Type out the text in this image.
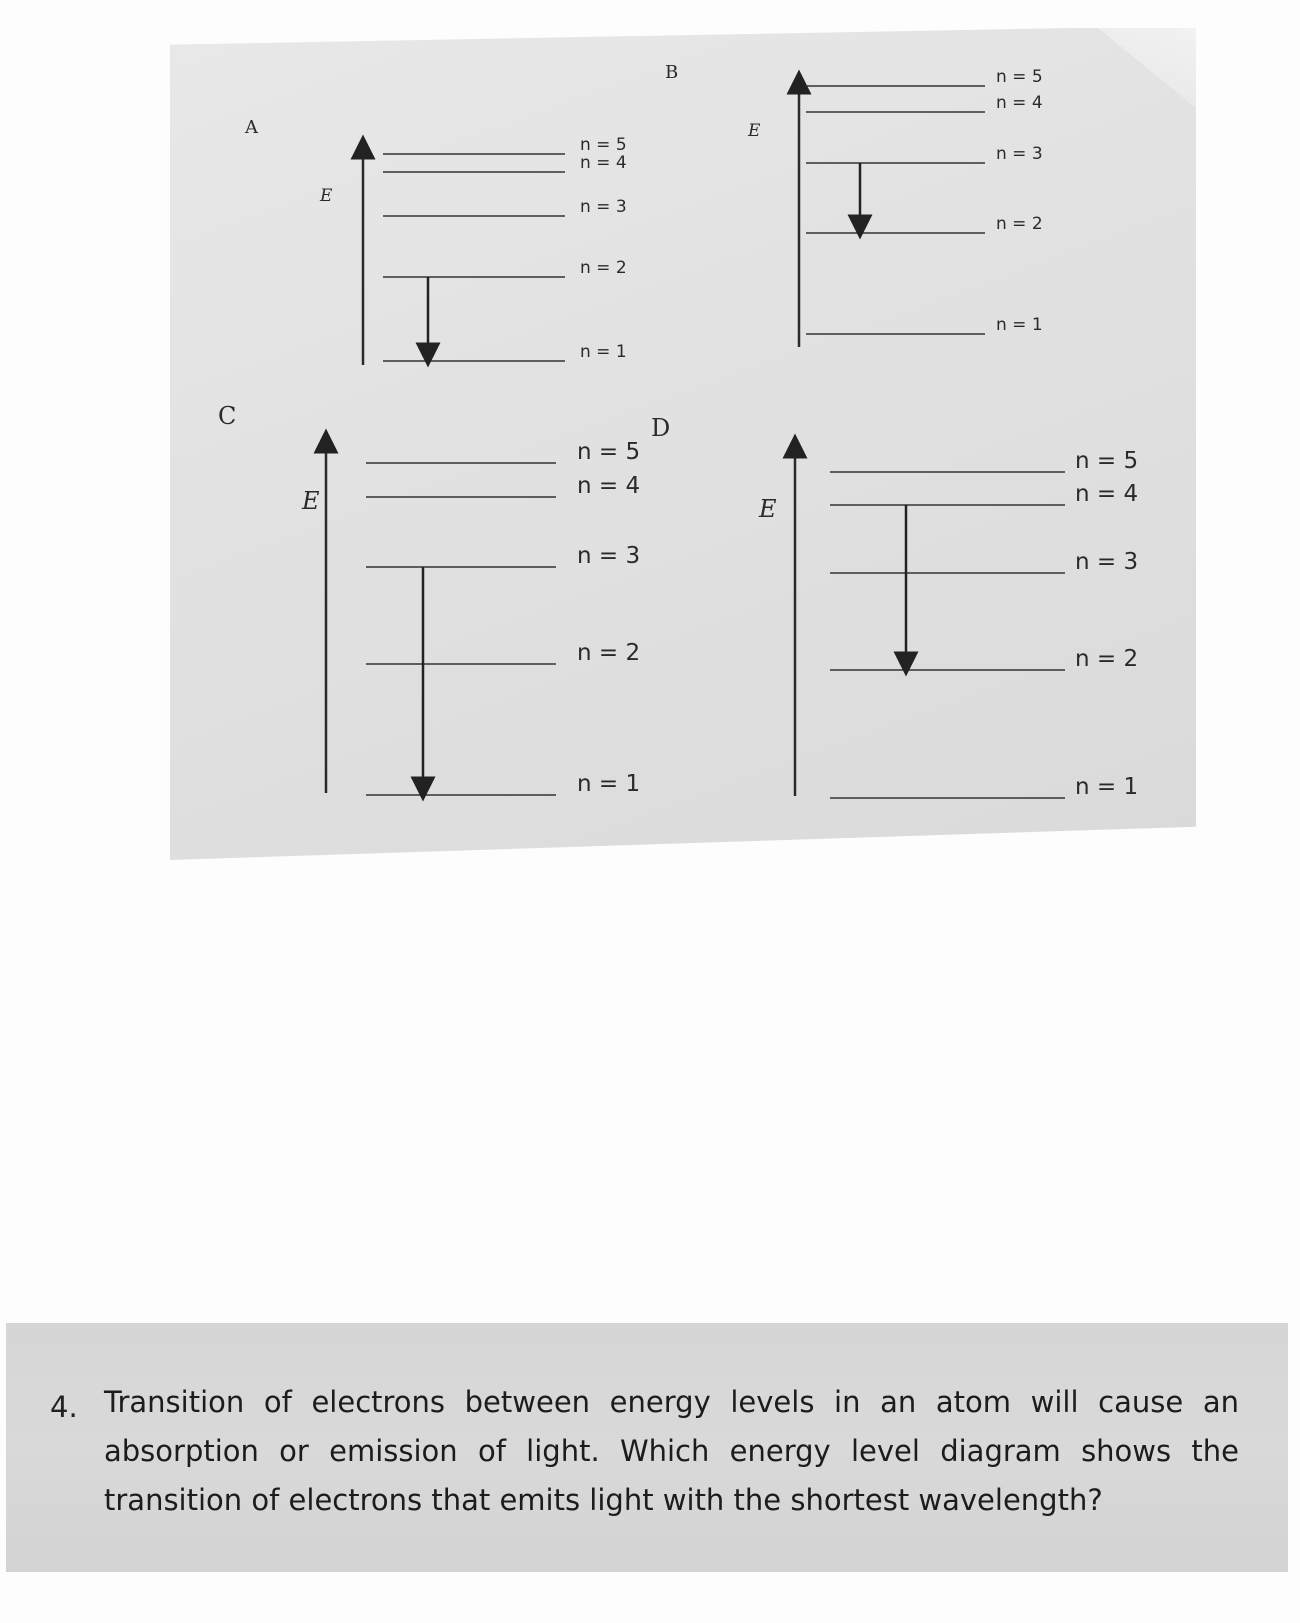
A
E
n = 5
n = 4
n = 3
n = 2
n = 1
B
E
n = 5
n = 4
n = 3
n = 2
n = 1
C
E
n = 5
n = 4
n = 3
n = 2
n = 1
D
E
n = 5
n = 4
n = 3
n = 2
n = 1
4. Transition of electrons between energy levels in an atom will cause an absorption or emission of light. Which energy level diagram shows the transition of electrons that emits light with the shortest wavelength?
